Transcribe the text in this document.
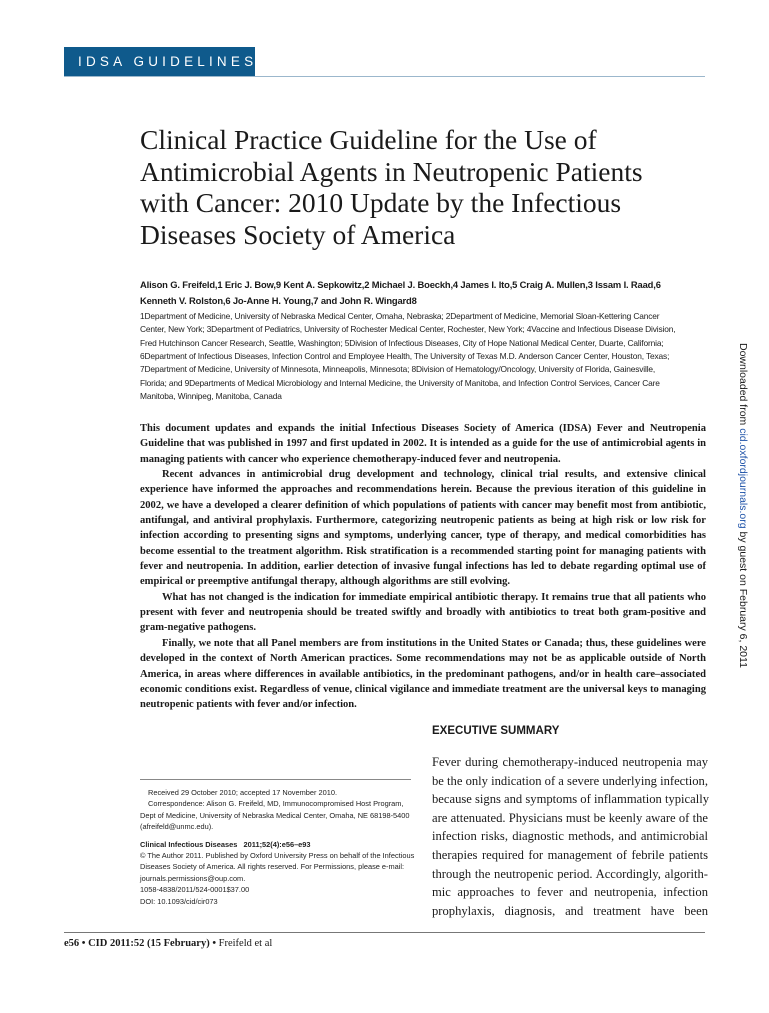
IDSA GUIDELINES
Clinical Practice Guideline for the Use of
Antimicrobial Agents in Neutropenic Patients
with Cancer: 2010 Update by the Infectious
Diseases Society of America
Alison G. Freifeld,1 Eric J. Bow,9 Kent A. Sepkowitz,2 Michael J. Boeckh,4 James I. Ito,5 Craig A. Mullen,3 Issam I. Raad,6
Kenneth V. Rolston,6 Jo-Anne H. Young,7 and John R. Wingard8
1Department of Medicine, University of Nebraska Medical Center, Omaha, Nebraska; 2Department of Medicine, Memorial Sloan-Kettering Cancer
Center, New York; 3Department of Pediatrics, University of Rochester Medical Center, Rochester, New York; 4Vaccine and Infectious Disease Division,
Fred Hutchinson Cancer Research, Seattle, Washington; 5Division of Infectious Diseases, City of Hope National Medical Center, Duarte, California;
6Department of Infectious Diseases, Infection Control and Employee Health, The University of Texas M.D. Anderson Cancer Center, Houston, Texas;
7Department of Medicine, University of Minnesota, Minneapolis, Minnesota; 8Division of Hematology/Oncology, University of Florida, Gainesville,
Florida; and 9Departments of Medical Microbiology and Internal Medicine, the University of Manitoba, and Infection Control Services, Cancer Care
Manitoba, Winnipeg, Manitoba, Canada

This document updates and expands the initial Infectious Diseases Society of America (IDSA) Fever and Neutropenia Guideline that was published in 1997 and first updated in 2002. It is intended as a guide for the use of antimicrobial agents in managing patients with cancer who experience chemotherapy-induced fever and neutropenia.

Recent advances in antimicrobial drug development and technology, clinical trial results, and extensive clinical experience have informed the approaches and recommendations herein. Because the previous iteration of this guideline in 2002, we have a developed a clearer definition of which populations of patients with cancer may benefit most from antibiotic, antifungal, and antiviral prophylaxis. Furthermore, categorizing neutropenic patients as being at high risk or low risk for infection according to presenting signs and symptoms, underlying cancer, type of therapy, and medical comorbidities has become essential to the treatment algorithm. Risk stratification is a recommended starting point for managing patients with fever and neutropenia. In addition, earlier detection of invasive fungal infections has led to debate regarding optimal use of empirical or preemptive antifungal therapy, although algorithms are still evolving.

What has not changed is the indication for immediate empirical antibiotic therapy. It remains true that all patients who present with fever and neutropenia should be treated swiftly and broadly with antibiotics to treat both gram-positive and gram-negative pathogens.

Finally, we note that all Panel members are from institutions in the United States or Canada; thus, these guidelines were developed in the context of North American practices. Some recommendations may not be as applicable outside of North America, in areas where differences in available antibiotics, in the predominant pathogens, and/or in health care–associated economic conditions exist. Regardless of venue, clinical vigilance and immediate treatment are the universal keys to managing neutropenic patients with fever and/or infection.

EXECUTIVE SUMMARY
Fever during chemotherapy-induced neutropenia may
be the only indication of a severe underlying infection,
because signs and symptoms of inflammation typically
are attenuated. Physicians must be keenly aware of the
infection risks, diagnostic methods, and antimicrobial
therapies required for management of febrile patients
through the neutropenic period. Accordingly, algorith-
mic approaches to fever and neutropenia, infection
prophylaxis, diagnosis, and treatment have been

Received 29 October 2010; accepted 17 November 2010.

Correspondence: Alison G. Freifeld, MD, Immunocompromised Host Program, Dept of Medicine, University of Nebraska Medical Center, Omaha, NE 68198-5400 (afreifeld@unmc.edu).

Clinical Infectious Diseases 2011;52(4):e56–e93

© The Author 2011. Published by Oxford University Press on behalf of the Infectious Diseases Society of America. All rights reserved. For Permissions, please e-mail: journals.permissions@oup.com.

1058-4838/2011/524-0001$37.00

DOI: 10.1093/cid/cir073

Downloaded from cid.oxfordjournals.org by guest on February 6, 2011
e56 • CID 2011:52 (15 February) • Freifeld et al
